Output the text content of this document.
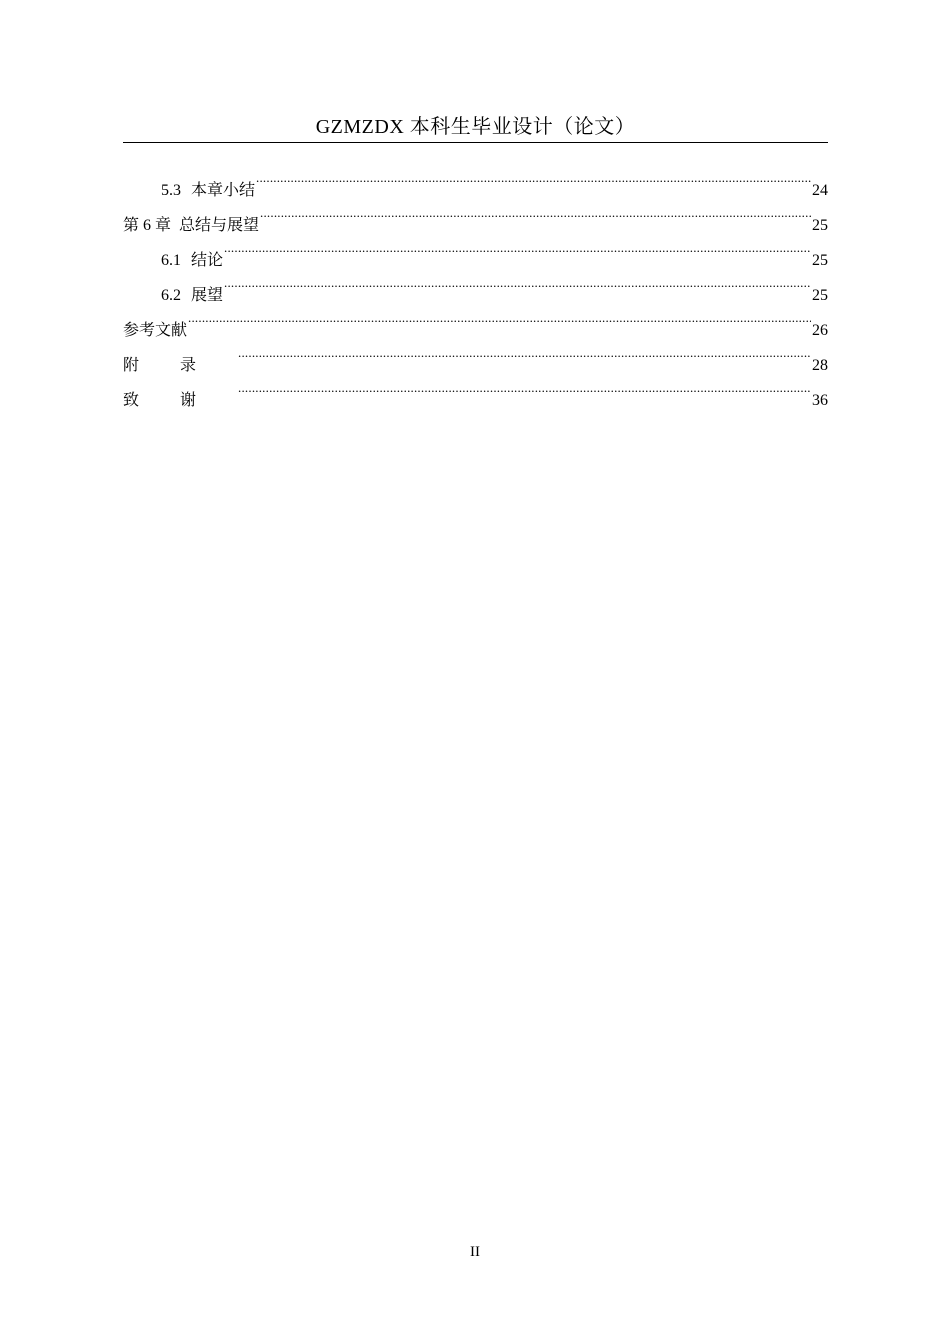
GZMZDX 本科生毕业设计（论文）
5.3 本章小结 .....	24
第 6 章 总结与展望 .....	25
6.1 结论 .....	25
6.2 展望 .....	25
参考文献 .....	26
附录 .....	28
致谢 .....	36
II
